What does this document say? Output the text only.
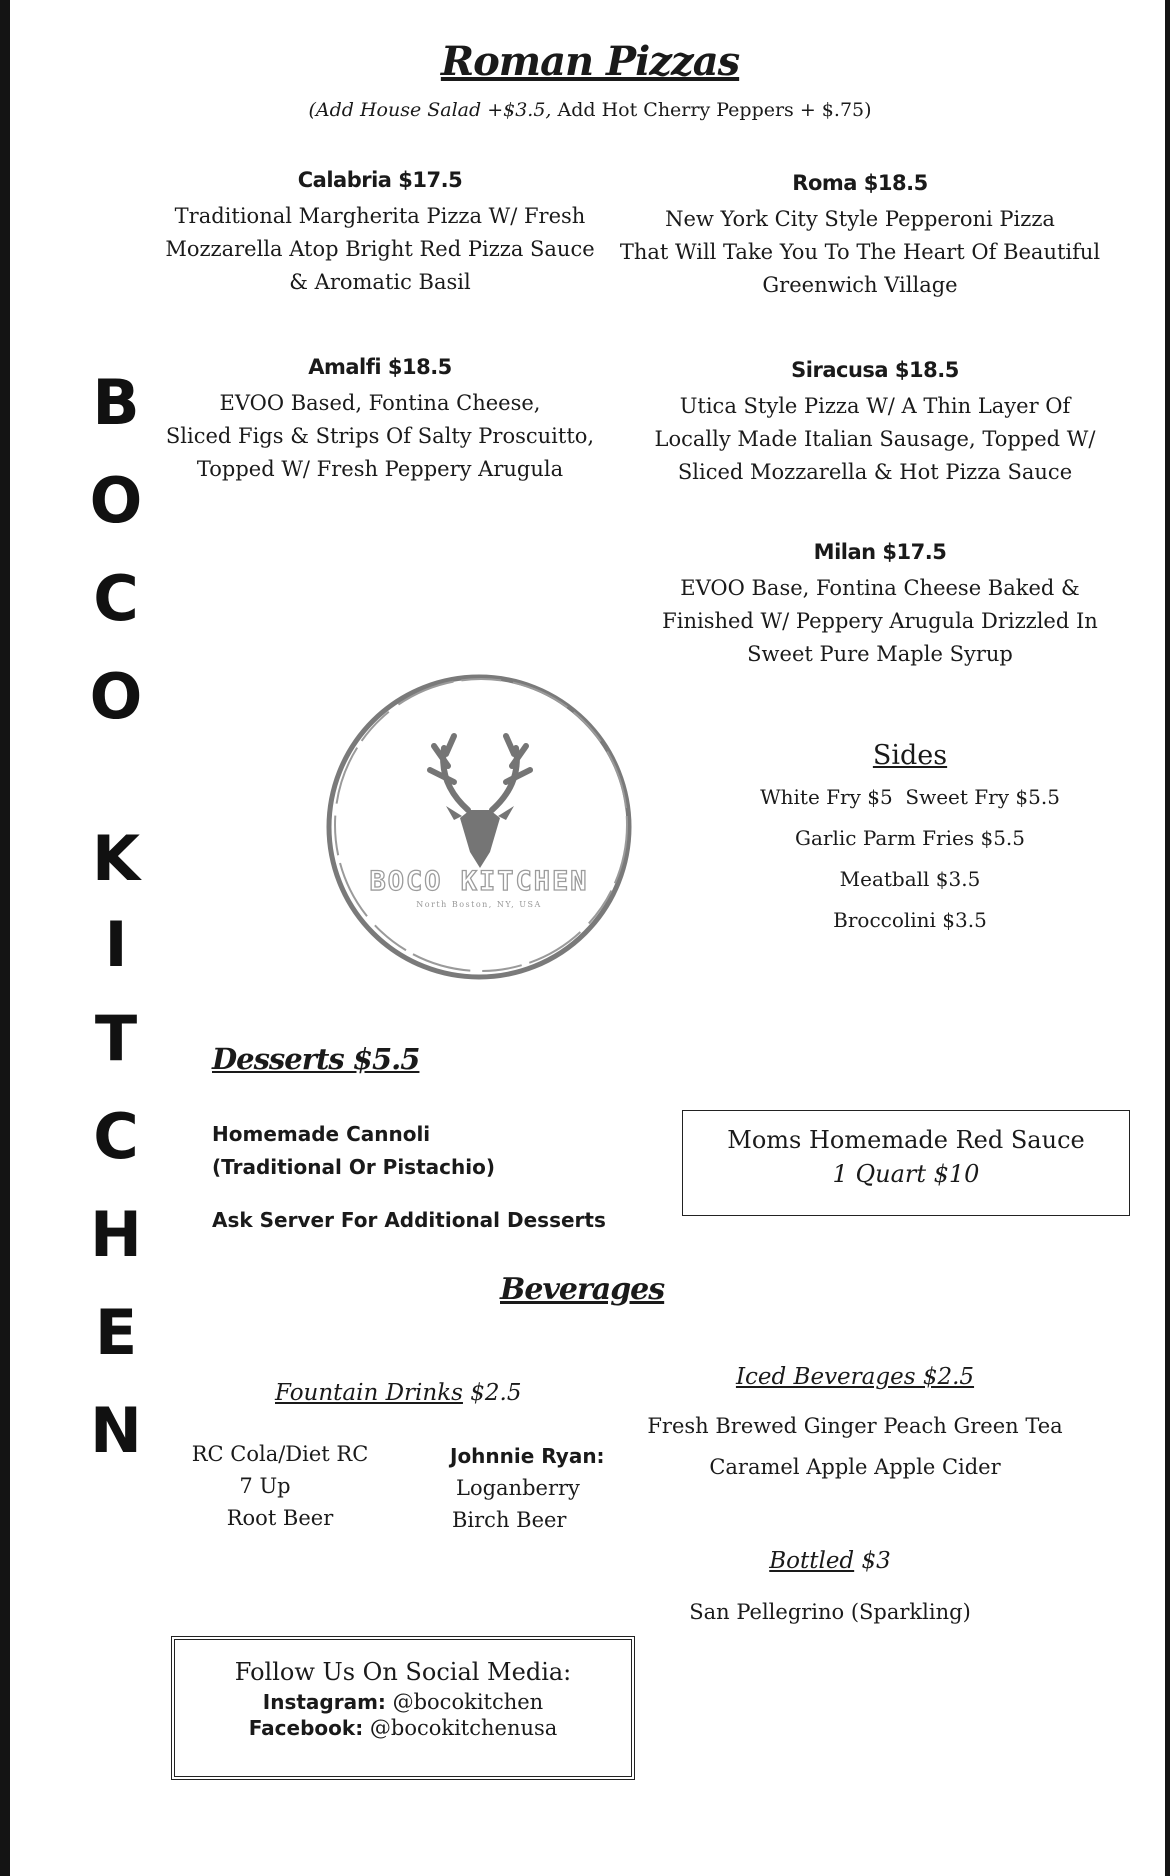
B
O
C
O
K
I
T
C
H
E
N
Roman Pizzas
(Add House Salad +$3.5, Add Hot Cherry Peppers + $.75)
Calabria $17.5
Traditional Margherita Pizza W/ Fresh
Mozzarella Atop Bright Red Pizza Sauce
& Aromatic Basil
Roma $18.5
New York City Style Pepperoni Pizza
That Will Take You To The Heart Of Beautiful
Greenwich Village
Amalfi $18.5
EVOO Based, Fontina Cheese,
Sliced Figs & Strips Of Salty Proscuitto,
Topped W/ Fresh Peppery Arugula
Siracusa $18.5
Utica Style Pizza W/ A Thin Layer Of
Locally Made Italian Sausage, Topped W/
Sliced Mozzarella & Hot Pizza Sauce
Milan $17.5
EVOO Base, Fontina Cheese Baked &
Finished W/ Peppery Arugula Drizzled In
Sweet Pure Maple Syrup
BOCO KITCHEN
North Boston, NY, USA
Sides
White Fry $5  Sweet Fry $5.5
Garlic Parm Fries $5.5
Meatball $3.5
Broccolini $3.5
Desserts $5.5
Homemade Cannoli
(Traditional Or Pistachio)
Ask Server For Additional Desserts
Moms Homemade Red Sauce
1 Quart $10
Beverages
Fountain Drinks $2.5
RC Cola/Diet RC
7 Up
Root Beer
Johnnie Ryan:
Loganberry
Birch Beer
Iced Beverages $2.5
Fresh Brewed Ginger Peach Green Tea
Caramel Apple Apple Cider
Bottled $3
San Pellegrino (Sparkling)
Follow Us On Social Media:
Instagram: @bocokitchen
Facebook: @bocokitchenusa
